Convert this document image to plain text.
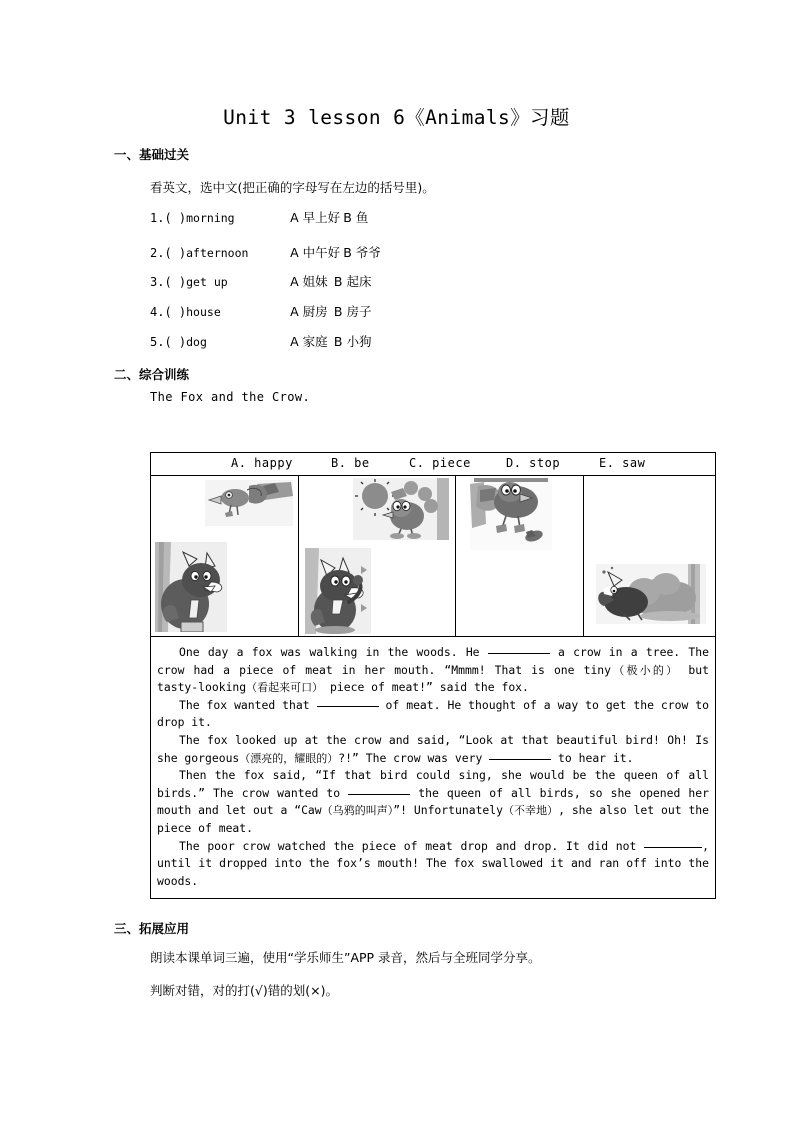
Unit 3 lesson 6《Animals》习题
一、基础过关
看英文，选中文(把正确的字母写在左边的括号里)。
1.( )morning	A 早上好 B 鱼
2.( )afternoon	A 中午好 B 爷爷
3.( )get up	A 姐妹 B 起床
4.( )house	A 厨房 B 房子
5.( )dog	A 家庭 B 小狗
二、综合训练
The Fox and the Crow.
A. happy	B. be	C. piece	D. stop	E. saw

One day a fox was walking in the woods. He	a crow in a tree. The crow had a piece of meat in her mouth. “Mmmm! That is one tiny（极小的） but tasty-looking（看起来可口） piece of meat!” said the fox.

The fox wanted that	of meat. He thought of a way to get the crow to drop it.

The fox looked up at the crow and said, “Look at that beautiful bird! Oh! Is she gorgeous（漂亮的，耀眼的）?!” The crow was very	to hear it.

Then the fox said, “If that bird could sing, she would be the queen of all birds.” The crow wanted to	the queen of all birds, so she opened her mouth and let out a “Caw（乌鸦的叫声）”! Unfortunately（不幸地）, she also let out the piece of meat.

The poor crow watched the piece of meat drop and drop. It did not	, until it dropped into the fox’s mouth! The fox swallowed it and ran off into the woods.

三、拓展应用
朗读本课单词三遍，使用“学乐师生”APP 录音，然后与全班同学分享。
判断对错，对的打(√)错的划(×)。
